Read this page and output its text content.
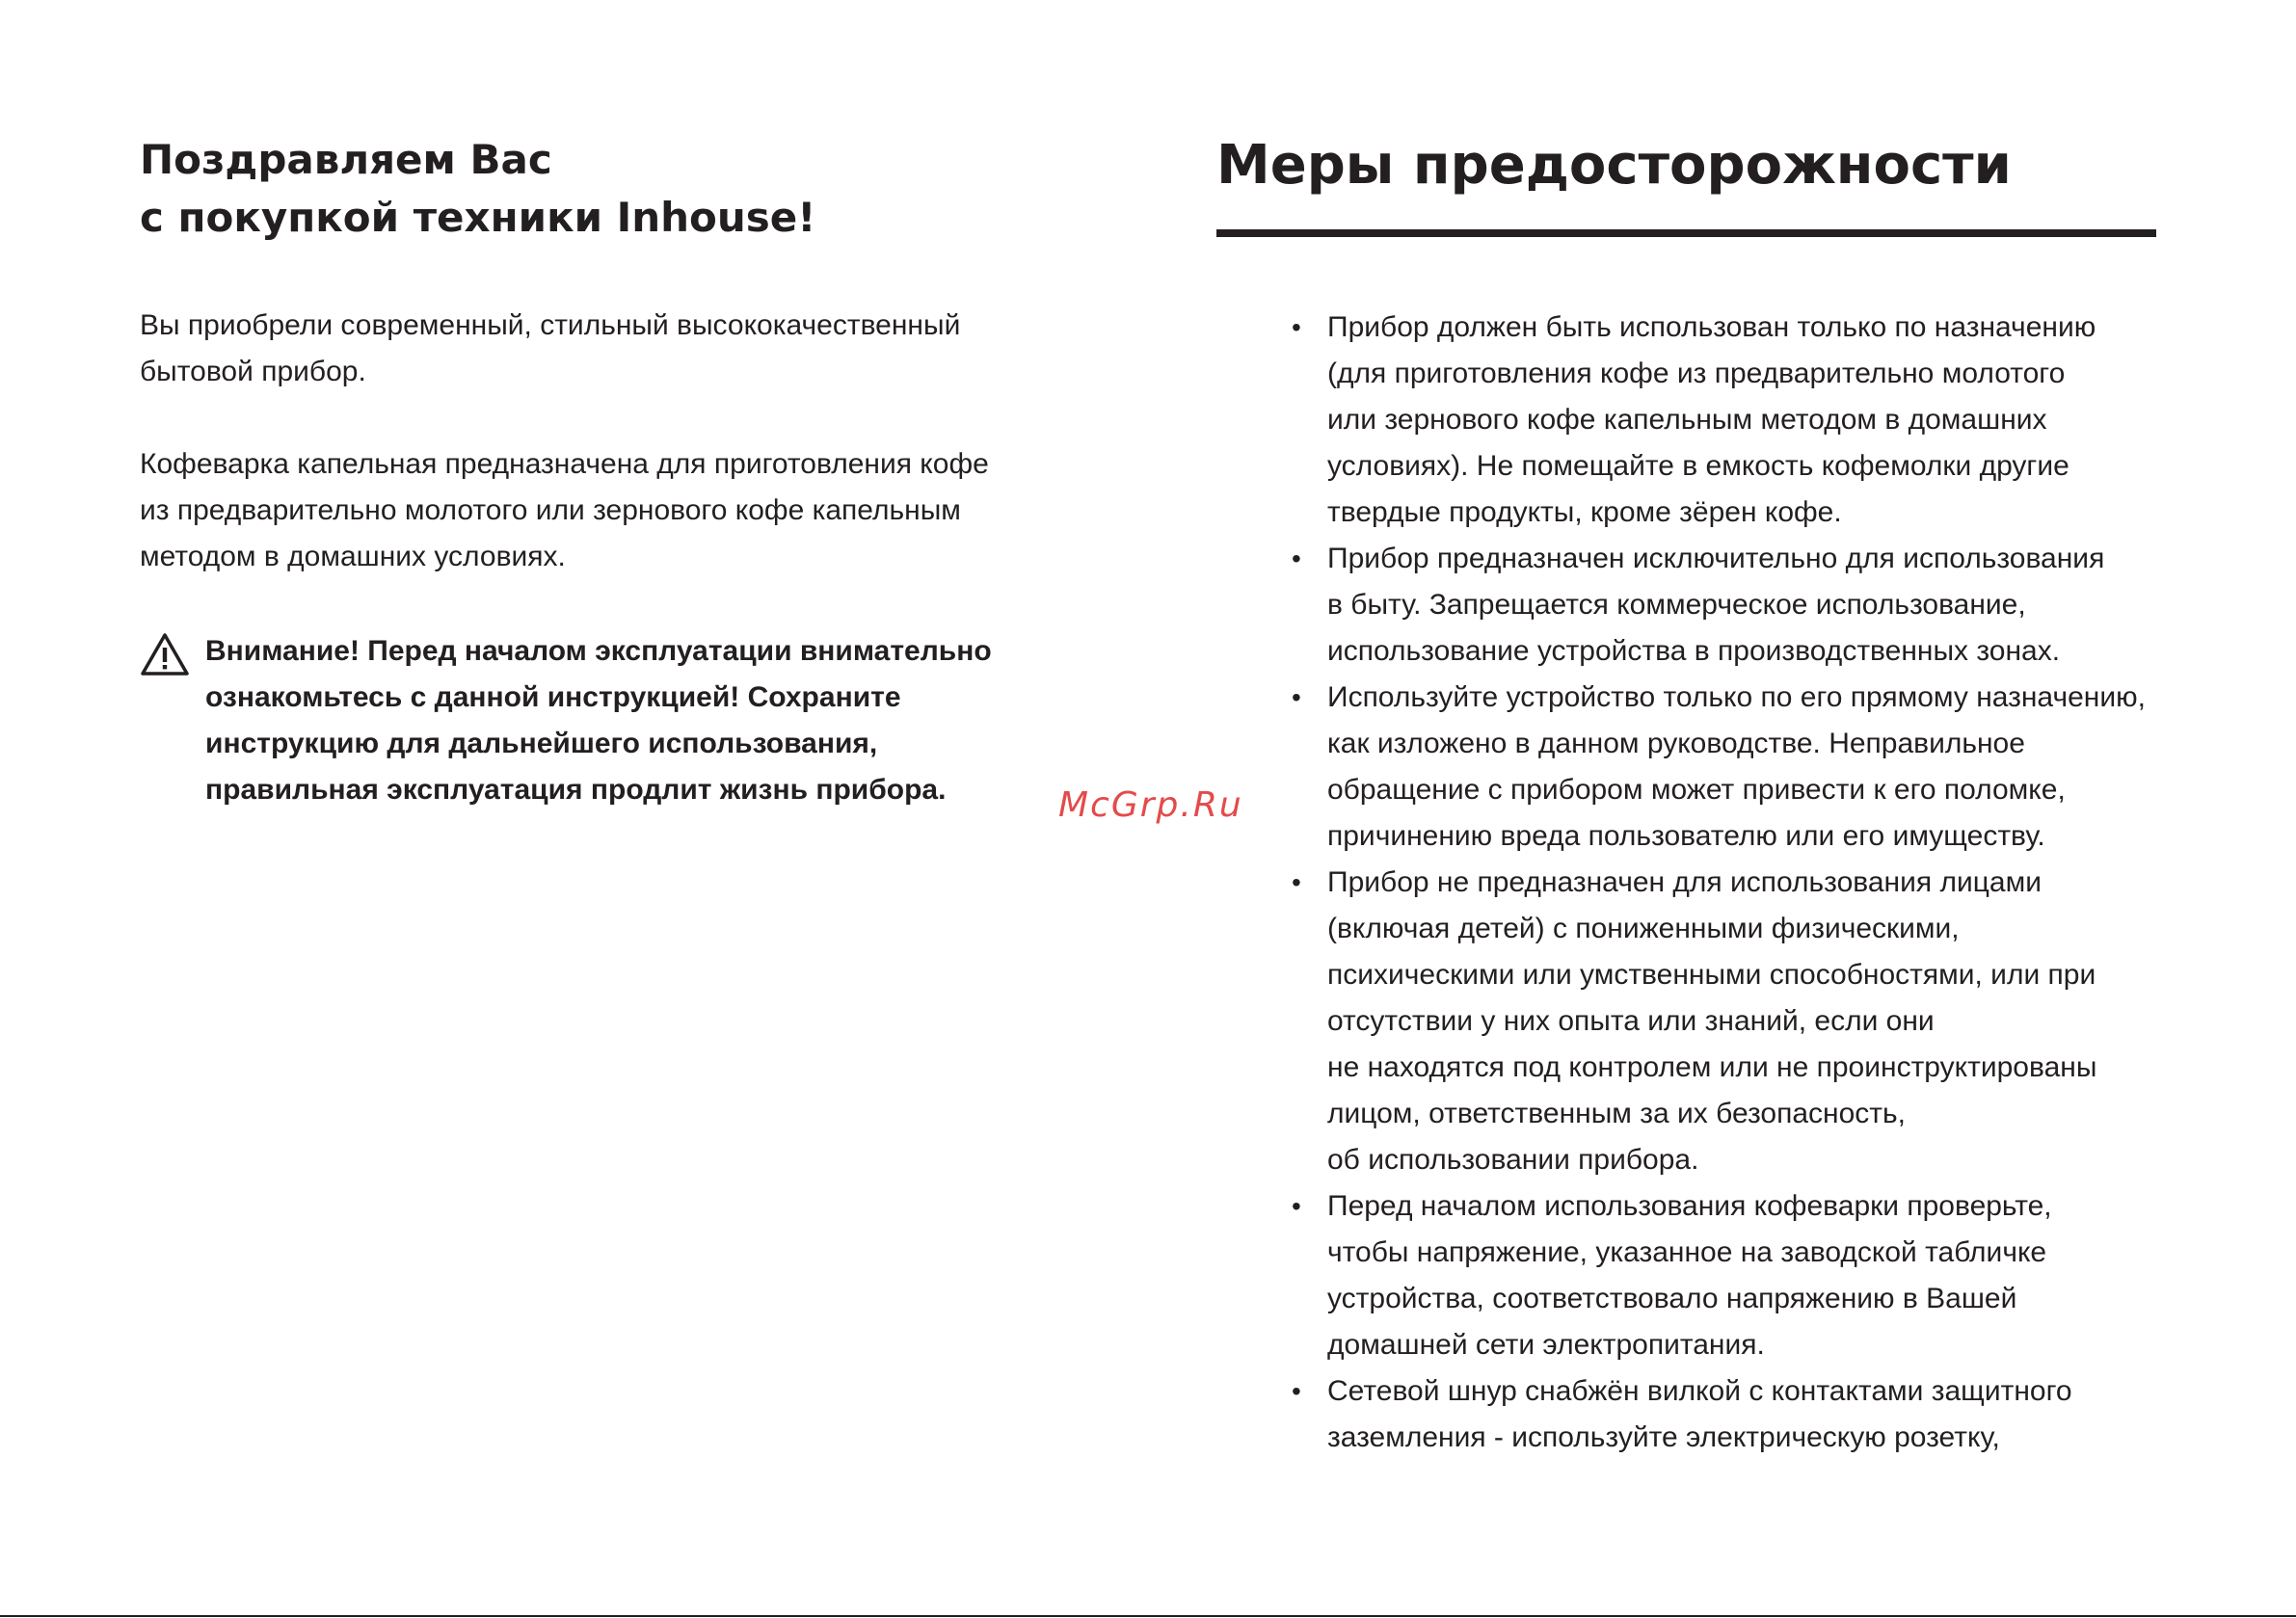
Поздравляем Вас
с покупкой техники Inhouse!

Вы приобрели современный, стильный высококачественный
бытовой прибор.

Кофеварка капельная предназначена для приготовления кофе
из предварительно молотого или зернового кофе капельным
методом в домашних условиях.

Внимание! Перед началом эксплуатации внимательно
ознакомьтесь с данной инструкцией! Сохраните
инструкцию для дальнейшего использования,
правильная эксплуатация продлит жизнь прибора.	McGrp.Ru
Меры предосторожности
• Прибор должен быть использован только по назначению
(для приготовления кофе из предварительно молотого
или зернового кофе капельным методом в домашних
условиях). Не помещайте в емкость кофемолки другие
твердые продукты, кроме зёрен кофе.
• Прибор предназначен исключительно для использования
в быту. Запрещается коммерческое использование,
использование устройства в производственных зонах.
• Используйте устройство только по его прямому назначению,
как изложено в данном руководстве. Неправильное
обращение с прибором может привести к его поломке,
причинению вреда пользователю или его имуществу.
• Прибор не предназначен для использования лицами
(включая детей) с пониженными физическими,
психическими или умственными способностями, или при
отсутствии у них опыта или знаний, если они
не находятся под контролем или не проинструктированы
лицом, ответственным за их безопасность,
об использовании прибора.
• Перед началом использования кофеварки проверьте,
чтобы напряжение, указанное на заводской табличке
устройства, соответствовало напряжению в Вашей
домашней сети электропитания.
• Сетевой шнур снабжён вилкой с контактами защитного
заземления - используйте электрическую розетку,
